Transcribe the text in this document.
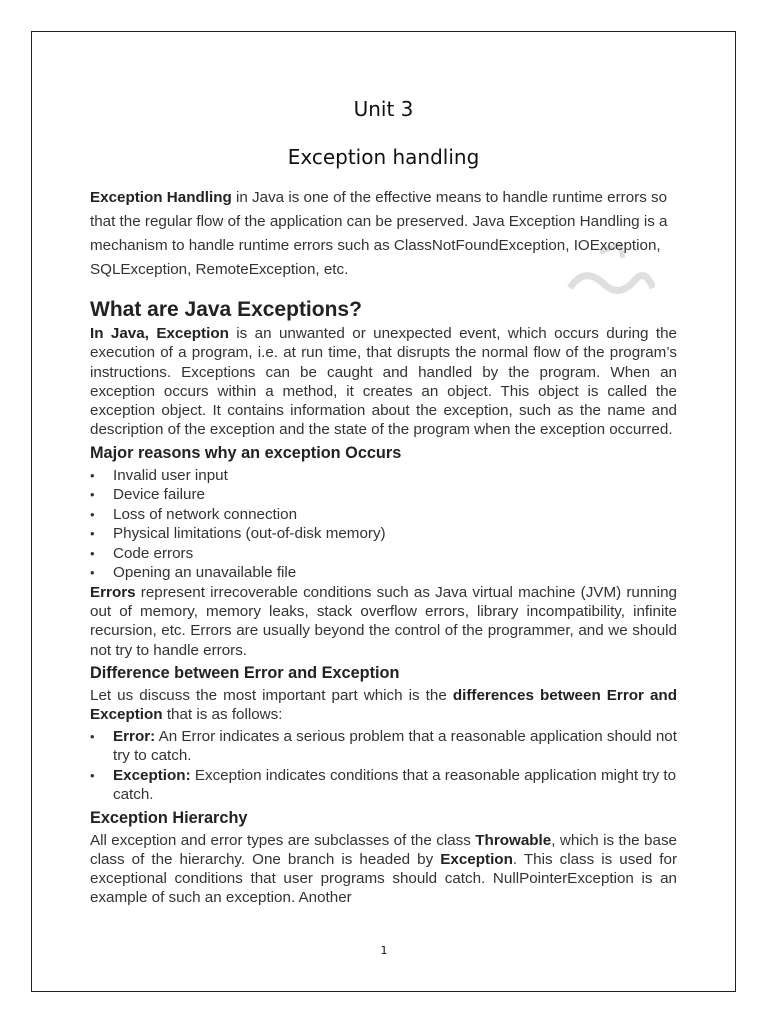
Unit 3

Exception handling

Exception Handling in Java is one of the effective means to handle runtime errors so that the regular flow of the application can be preserved. Java Exception Handling is a mechanism to handle runtime errors such as ClassNotFoundException, IOException, SQLException, RemoteException, etc.

What are Java Exceptions?

In Java, Exception is an unwanted or unexpected event, which occurs during the execution of a program, i.e. at run time, that disrupts the normal flow of the program’s instructions. Exceptions can be caught and handled by the program. When an exception occurs within a method, it creates an object. This object is called the exception object. It contains information about the exception, such as the name and description of the exception and the state of the program when the exception occurred.

Major reasons why an exception Occurs

• Invalid user input
• Device failure
• Loss of network connection
• Physical limitations (out-of-disk memory)
• Code errors
• Opening an unavailable file

Errors represent irrecoverable conditions such as Java virtual machine (JVM) running out of memory, memory leaks, stack overflow errors, library incompatibility, infinite recursion, etc. Errors are usually beyond the control of the programmer, and we should not try to handle errors.

Difference between Error and Exception

Let us discuss the most important part which is the differences between Error and Exception that is as follows:

• Error: An Error indicates a serious problem that a reasonable application should not try to catch.
• Exception: Exception indicates conditions that a reasonable application might try to catch.

Exception Hierarchy

All exception and error types are subclasses of the class Throwable, which is the base class of the hierarchy. One branch is headed by Exception. This class is used for exceptional conditions that user programs should catch. NullPointerException is an example of such an exception. Another

1
